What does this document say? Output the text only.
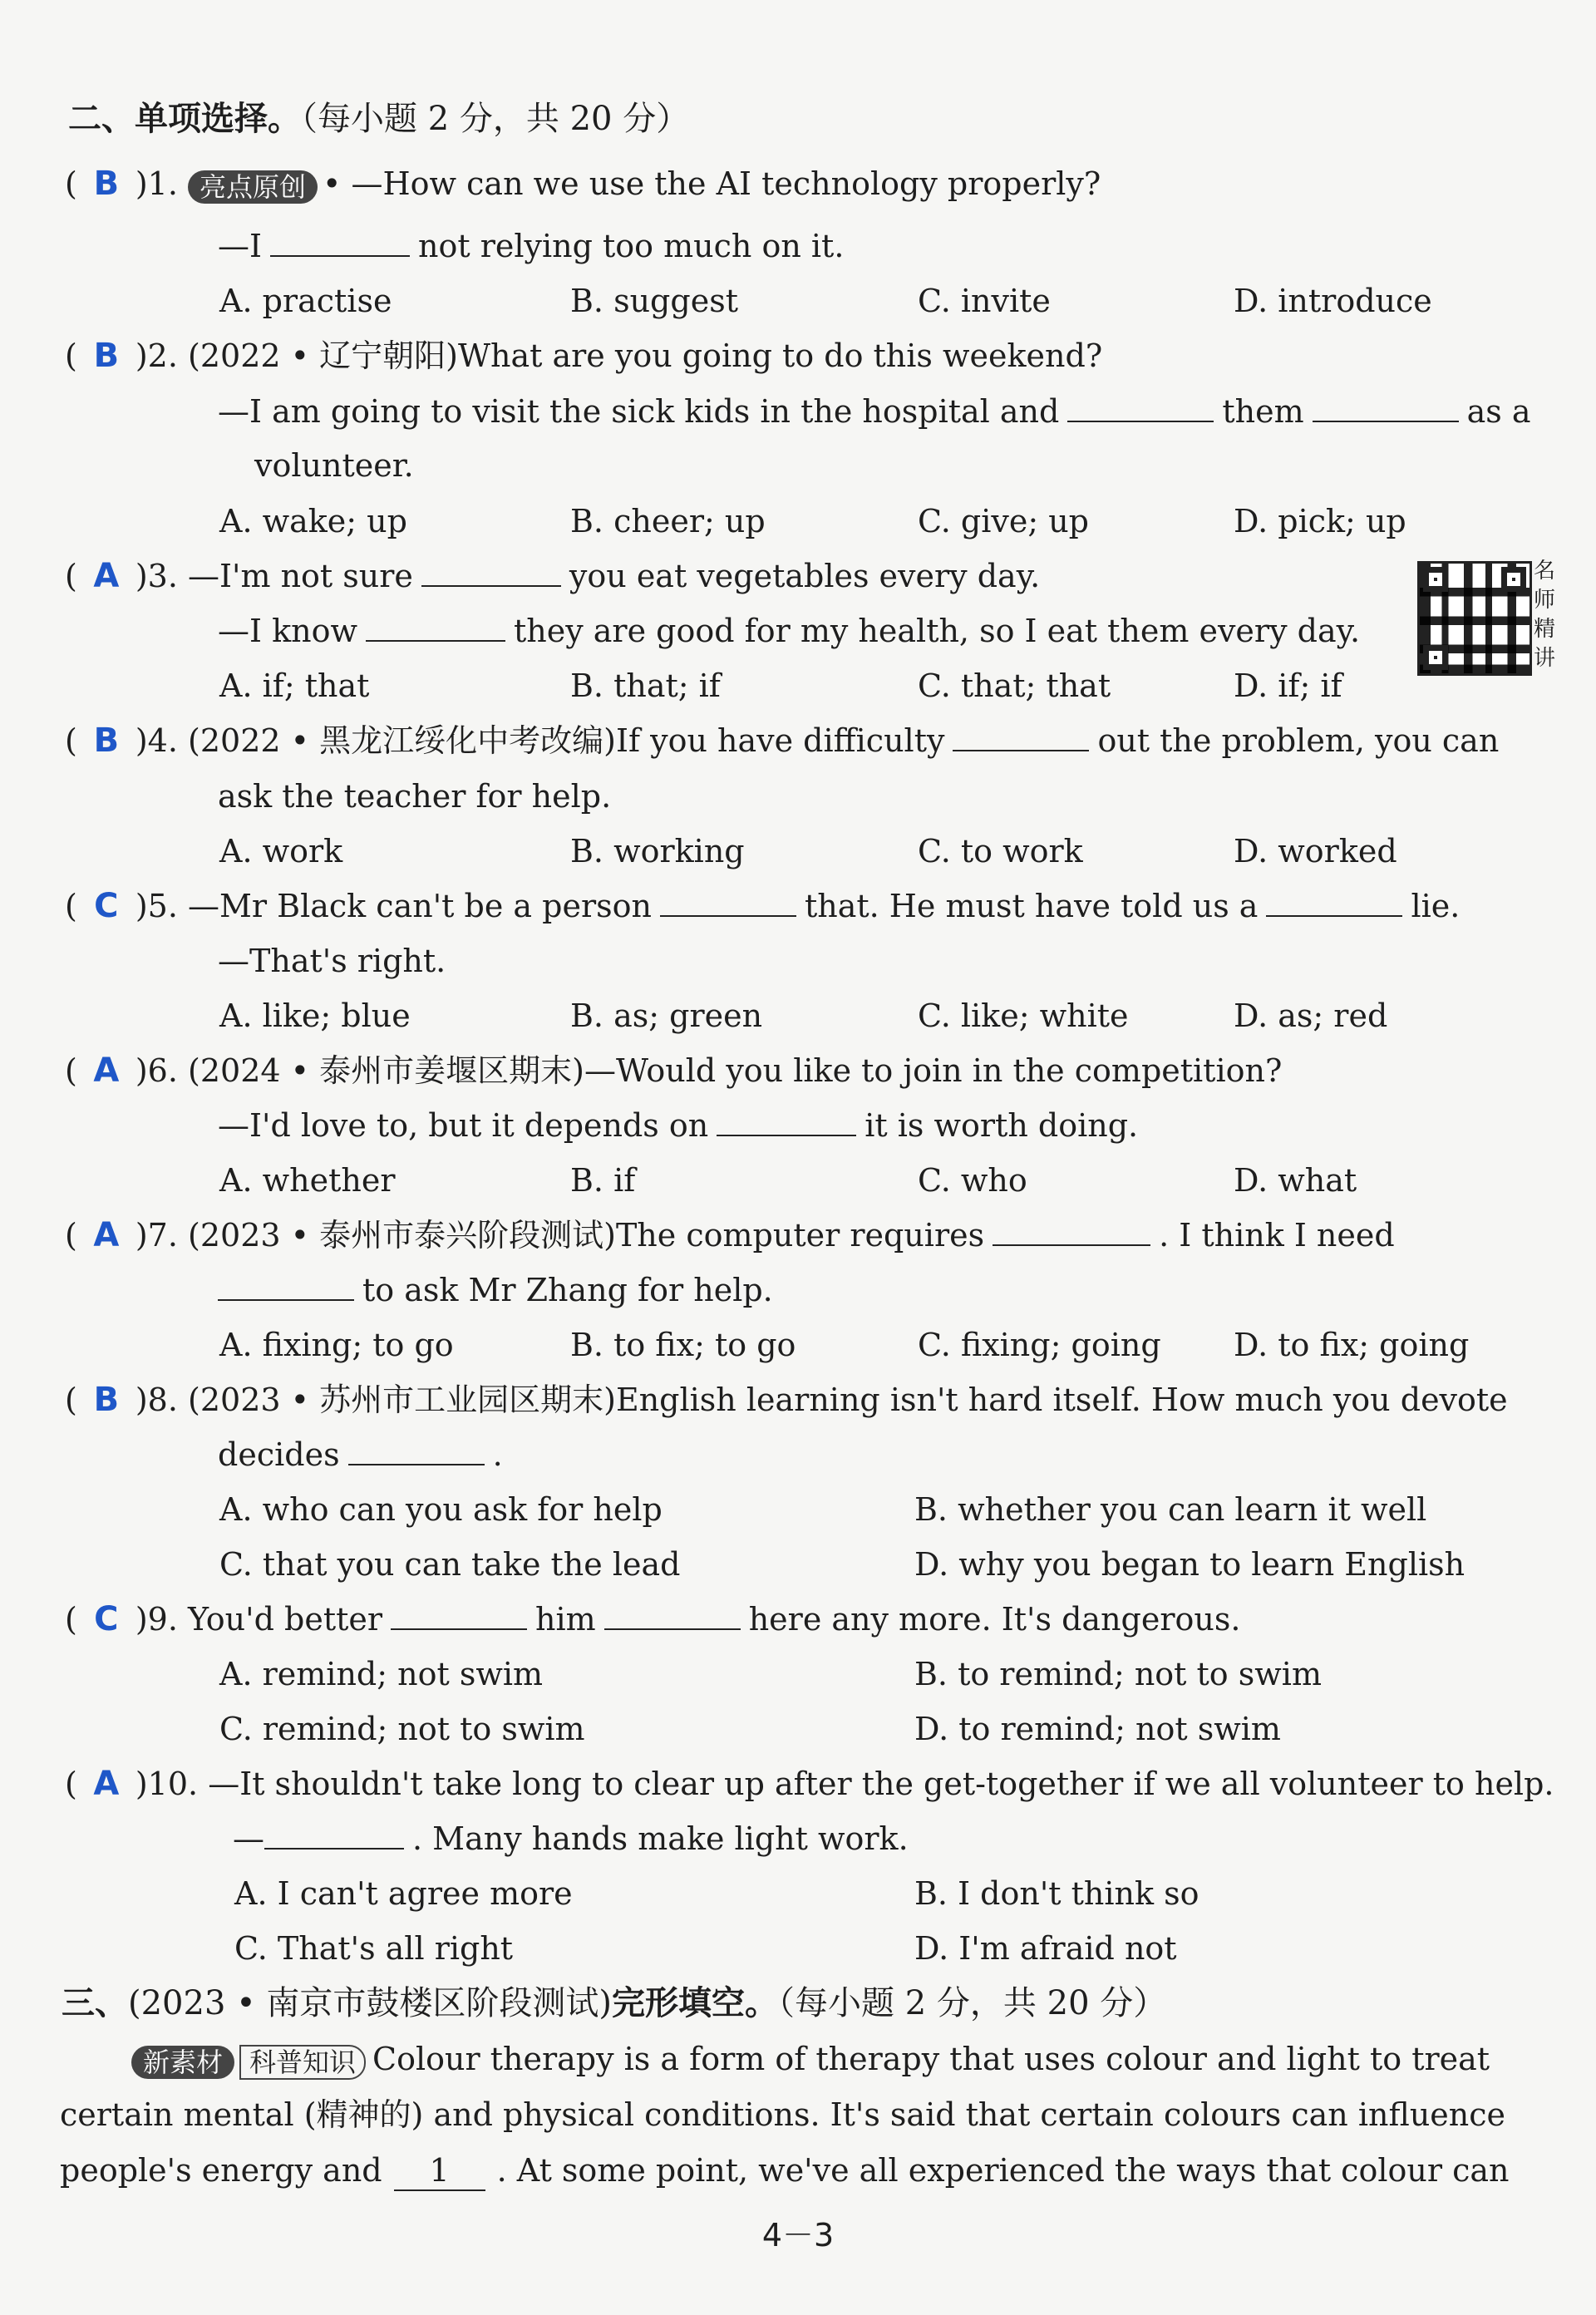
二、单项选择。（每小题 2 分，共 20 分）
( B )1. 亮点原创 • —How can we use the AI technology properly?
—I	not relying too much on it.
A. practise	B. suggest	C. invite	D. introduce
( B )2. (2022 • 辽宁朝阳)What are you going to do this weekend?
—I am going to visit the sick kids in the hospital and	them	as a
volunteer.
A. wake; up	B. cheer; up	C. give; up	D. pick; up
( A )3. —I'm not sure	you eat vegetables every day.
—I know	they are good for my health, so I eat them every day.
A. if; that	B. that; if	C. that; that	D. if; if
名师精讲
( B )4. (2022 • 黑龙江绥化中考改编)If you have difficulty	out the problem, you can
ask the teacher for help.
A. work	B. working	C. to work	D. worked
( C )5. —Mr Black can't be a person	that. He must have told us a	lie.
—That's right.
A. like; blue	B. as; green	C. like; white	D. as; red
( A )6. (2024 • 泰州市姜堰区期末)—Would you like to join in the competition?
—I'd love to, but it depends on	it is worth doing.
A. whether	B. if	C. who	D. what
( A )7. (2023 • 泰州市泰兴阶段测试)The computer requires	. I think I need
to ask Mr Zhang for help.
A. fixing; to go	B. to fix; to go	C. fixing; going D. to fix; going
( B )8. (2023 • 苏州市工业园区期末)English learning isn't hard itself. How much you devote
decides	.
A. who can you ask for help	B. whether you can learn it well
C. that you can take the lead	D. why you began to learn English
( C )9. You'd better	him	here any more. It's dangerous.
A. remind; not swim	B. to remind; not to swim
C. remind; not to swim	D. to remind; not swim
( A )10. —It shouldn't take long to clear up after the get-together if we all volunteer to help.
—	. Many hands make light work.
A. I can't agree more	B. I don't think so
C. That's all right	D. I'm afraid not
三、(2023 • 南京市鼓楼区阶段测试)完形填空。（每小题 2 分，共 20 分）
新素材 科普知识 Colour therapy is a form of therapy that uses colour and light to treat
certain mental (精神的) and physical conditions. It's said that certain colours can influence
people's energy and 1 . At some point, we've all experienced the ways that colour can
4－3
